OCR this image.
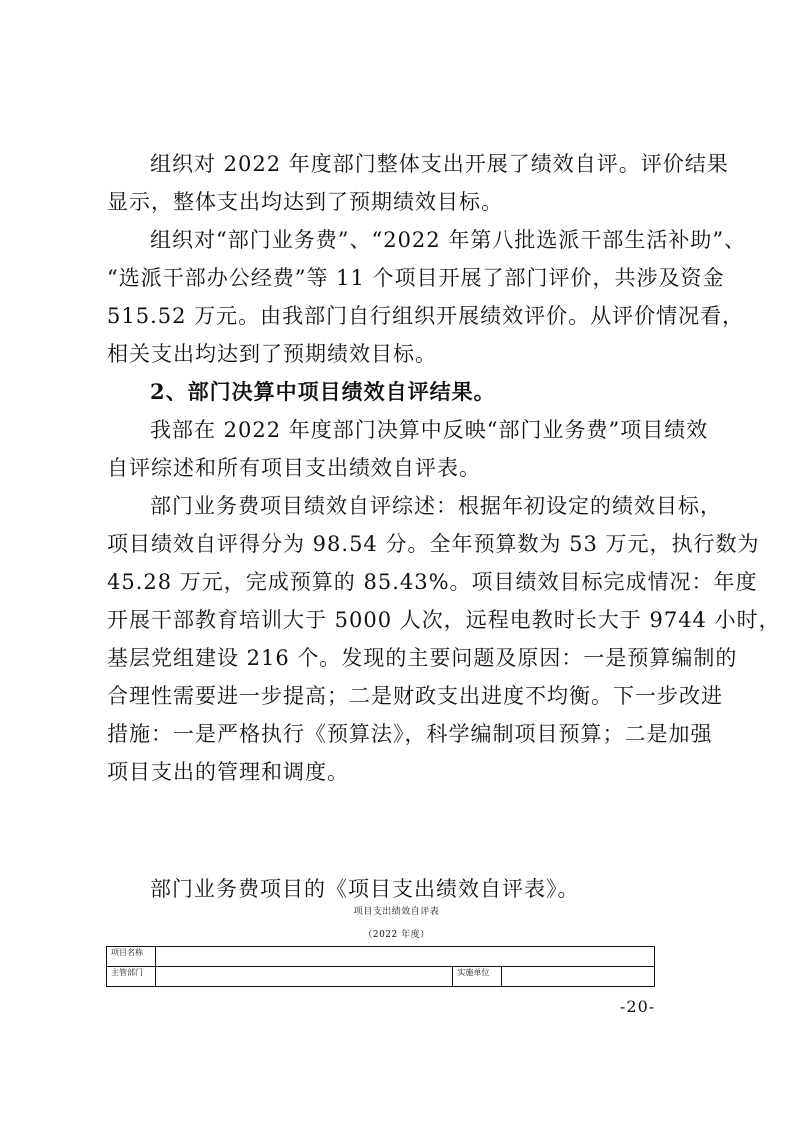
组织对 2022 年度部门整体支出开展了绩效自评。评价结果
显示，整体支出均达到了预期绩效目标。
组织对“部门业务费”、“2022 年第八批选派干部生活补助”、
“选派干部办公经费”等 11 个项目开展了部门评价，共涉及资金
515.52 万元。由我部门自行组织开展绩效评价。从评价情况看，
相关支出均达到了预期绩效目标。
2、部门决算中项目绩效自评结果。
我部在 2022 年度部门决算中反映“部门业务费”项目绩效
自评综述和所有项目支出绩效自评表。
部门业务费项目绩效自评综述：根据年初设定的绩效目标，
项目绩效自评得分为 98.54 分。全年预算数为 53 万元，执行数为
45.28 万元，完成预算的 85.43%。项目绩效目标完成情况：年度
开展干部教育培训大于 5000 人次，远程电教时长大于 9744 小时，
基层党组建设 216 个。发现的主要问题及原因：一是预算编制的
合理性需要进一步提高；二是财政支出进度不均衡。下一步改进
措施：一是严格执行《预算法》，科学编制项目预算；二是加强
项目支出的管理和调度。
部门业务费项目的《项目支出绩效自评表》。
项目支出绩效自评表
（2022 年度）
项目名称			
主管部门		实施单位	
-20-
